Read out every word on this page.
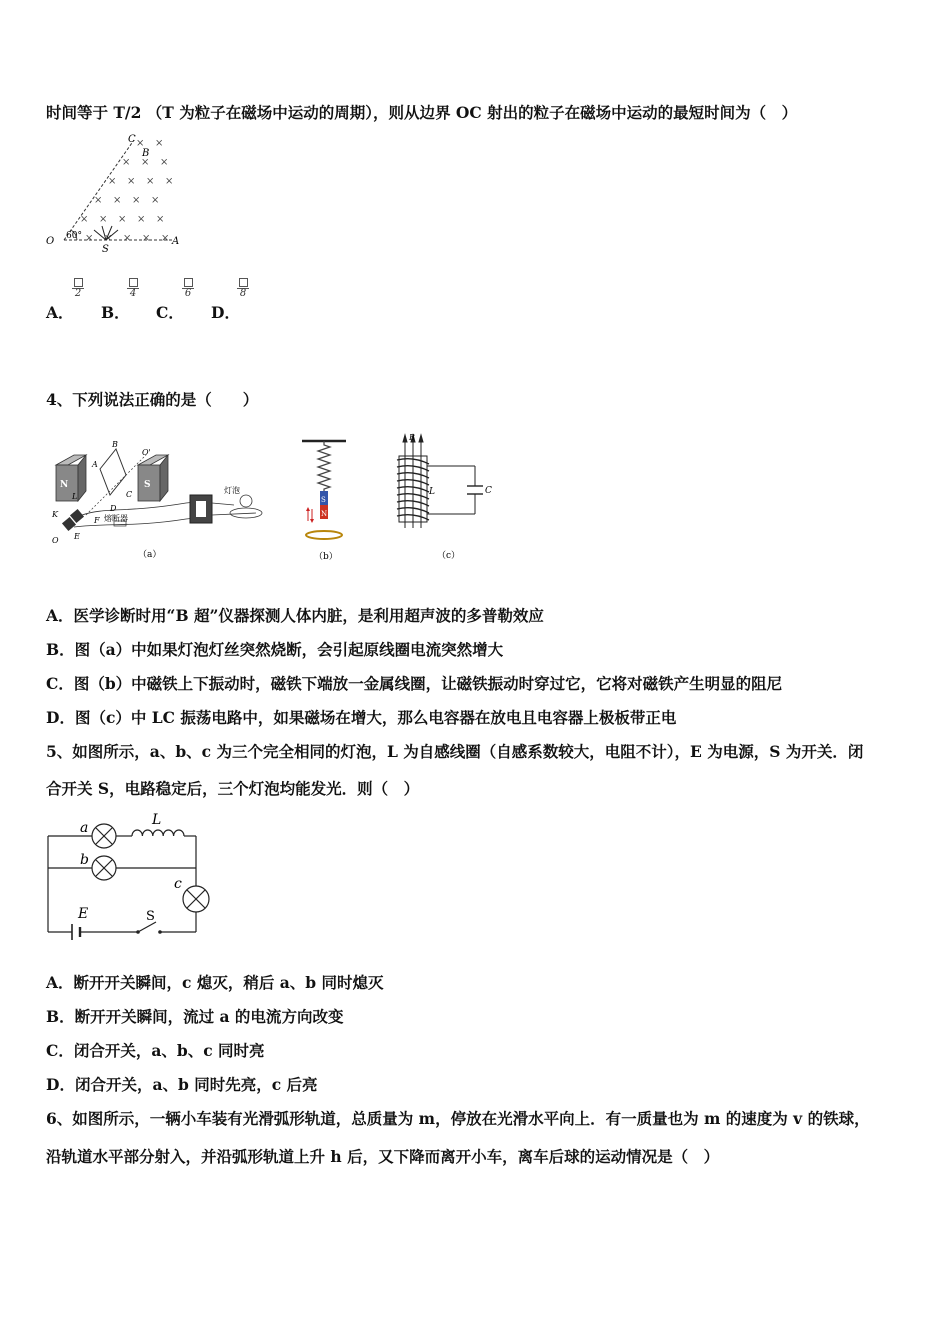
时间等于 T/2 （T 为粒子在磁场中运动的周期），则从边界 OC 射出的粒子在磁场中运动的最短时间为（　）
× ×
× × ×
× × × ×
× × × ×
× × × × ×
× × × × ×
C
B
O	A
S
60°
A．
2
B．
4
C．
6
D．
8
4、下列说法正确的是（　　）
N	S
B
O'
A
C
L
K
D
F
E
O
灯泡
熔断器
（a）
S
N
（b）
B
L	C
（c）
A．医学诊断时用“B 超”仪器探测人体内脏，是利用超声波的多普勒效应
B．图（a）中如果灯泡灯丝突然烧断，会引起原线圈电流突然增大
C．图（b）中磁铁上下振动时，磁铁下端放一金属线圈，让磁铁振动时穿过它，它将对磁铁产生明显的阻尼
D．图（c）中 LC 振荡电路中，如果磁场在增大，那么电容器在放电且电容器上极板带正电
5、如图所示，a、b、c 为三个完全相同的灯泡，L 为自感线圈（自感系数较大，电阻不计），E 为电源，S 为开关．闭
合开关 S，电路稳定后，三个灯泡均能发光．则（　）
a
b
c
L
E	S
A．断开开关瞬间，c 熄灭，稍后 a、b 同时熄灭
B．断开开关瞬间，流过 a 的电流方向改变
C．闭合开关，a、b、c 同时亮
D．闭合开关，a、b 同时先亮，c 后亮
6、如图所示，一辆小车装有光滑弧形轨道，总质量为 m，停放在光滑水平向上．有一质量也为 m 的速度为 v 的铁球，
沿轨道水平部分射入，并沿弧形轨道上升 h 后，又下降而离开小车，离车后球的运动情况是（　）
